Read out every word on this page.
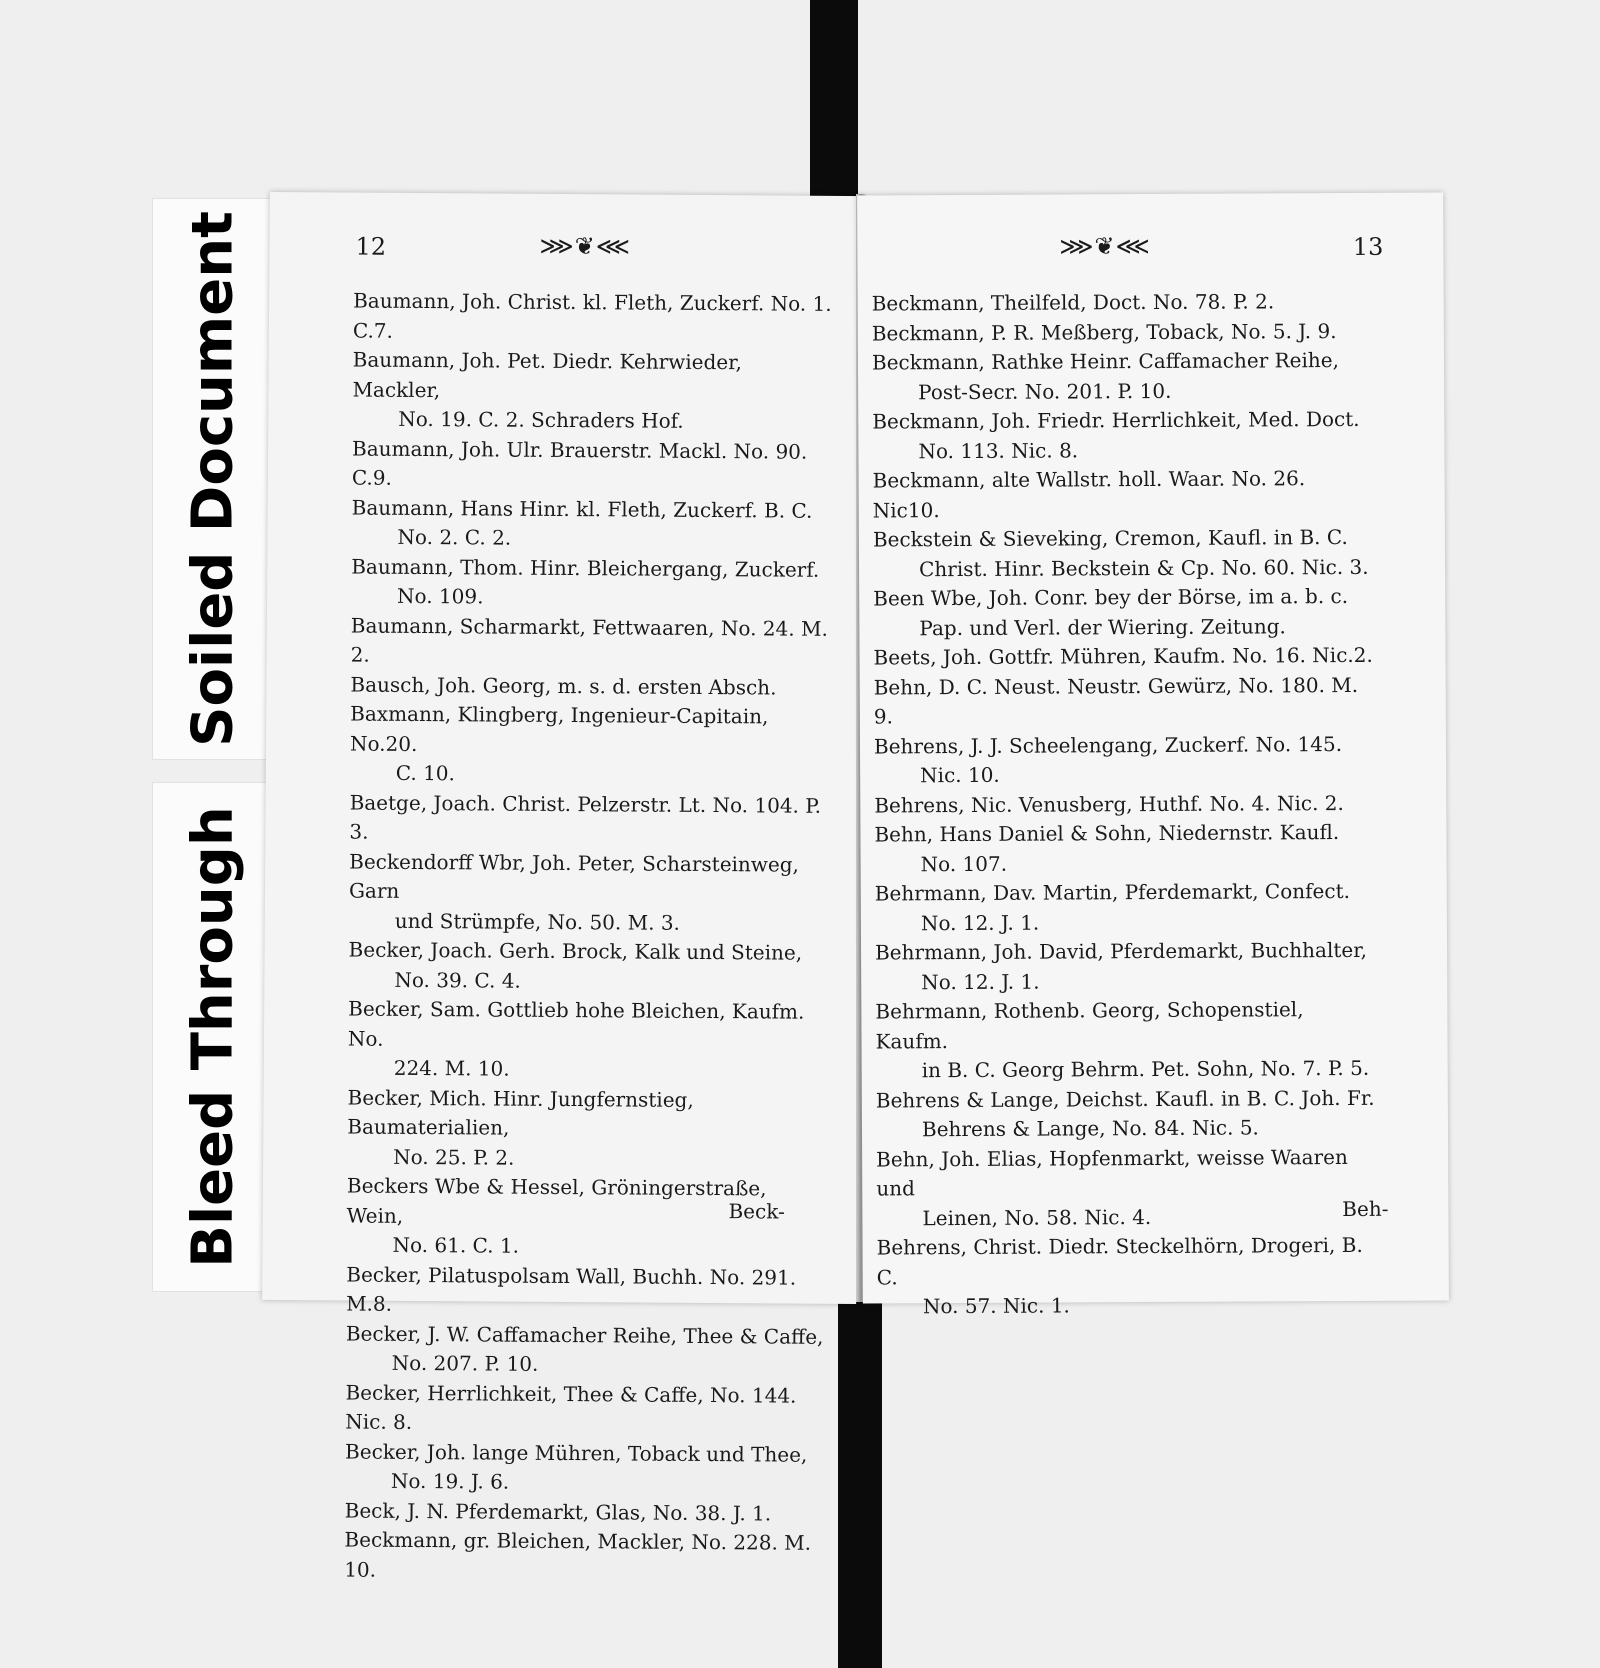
Soiled Document
Bleed Through
12	⋙❦⋘

Baumann, Joh. Christ. kl. Fleth, Zuckerf. No. 1. C.7.

Baumann, Joh. Pet. Diedr. Kehrwieder, Mackler,
No. 19. C. 2. Schraders Hof.

Baumann, Joh. Ulr. Brauerstr. Mackl. No. 90. C.9.

Baumann, Hans Hinr. kl. Fleth, Zuckerf. B. C.
No. 2. C. 2.

Baumann, Thom. Hinr. Bleichergang, Zuckerf.
No. 109.

Baumann, Scharmarkt, Fettwaaren, No. 24. M. 2.

Bausch, Joh. Georg, m. s. d. ersten Absch.

Baxmann, Klingberg, Ingenieur-Capitain, No.20.
C. 10.

Baetge, Joach. Christ. Pelzerstr. Lt. No. 104. P. 3.

Beckendorff Wbr, Joh. Peter, Scharsteinweg, Garn
und Strümpfe, No. 50. M. 3.

Becker, Joach. Gerh. Brock, Kalk und Steine,
No. 39. C. 4.

Becker, Sam. Gottlieb hohe Bleichen, Kaufm. No.
224. M. 10.

Becker, Mich. Hinr. Jungfernstieg, Baumaterialien,
No. 25. P. 2.

Beckers Wbe & Hessel, Gröningerstraße, Wein,
No. 61. C. 1.

Becker, Pilatuspolsam Wall, Buchh. No. 291. M.8.

Becker, J. W. Caffamacher Reihe, Thee & Caffe,
No. 207. P. 10.

Becker, Herrlichkeit, Thee & Caffe, No. 144. Nic. 8.

Becker, Joh. lange Mühren, Toback und Thee,
No. 19. J. 6.

Beck, J. N. Pferdemarkt, Glas, No. 38. J. 1.

Beckmann, gr. Bleichen, Mackler, No. 228. M. 10.

Beck-
⋙❦⋘	13

Beckmann, Theilfeld, Doct. No. 78. P. 2.

Beckmann, P. R. Meßberg, Toback, No. 5. J. 9.

Beckmann, Rathke Heinr. Caffamacher Reihe,
Post-Secr. No. 201. P. 10.

Beckmann, Joh. Friedr. Herrlichkeit, Med. Doct.
No. 113. Nic. 8.

Beckmann, alte Wallstr. holl. Waar. No. 26. Nic10.

Beckstein & Sieveking, Cremon, Kaufl. in B. C.
Christ. Hinr. Beckstein & Cp. No. 60. Nic. 3.

Been Wbe, Joh. Conr. bey der Börse, im a. b. c.
Pap. und Verl. der Wiering. Zeitung.

Beets, Joh. Gottfr. Mühren, Kaufm. No. 16. Nic.2.

Behn, D. C. Neust. Neustr. Gewürz, No. 180. M. 9.

Behrens, J. J. Scheelengang, Zuckerf. No. 145.
Nic. 10.

Behrens, Nic. Venusberg, Huthf. No. 4. Nic. 2.

Behn, Hans Daniel & Sohn, Niedernstr. Kaufl.
No. 107.

Behrmann, Dav. Martin, Pferdemarkt, Confect.
No. 12. J. 1.

Behrmann, Joh. David, Pferdemarkt, Buchhalter,
No. 12. J. 1.

Behrmann, Rothenb. Georg, Schopenstiel, Kaufm.
in B. C. Georg Behrm. Pet. Sohn, No. 7. P. 5.

Behrens & Lange, Deichst. Kaufl. in B. C. Joh. Fr.
Behrens & Lange, No. 84. Nic. 5.

Behn, Joh. Elias, Hopfenmarkt, weisse Waaren und
Leinen, No. 58. Nic. 4.

Behrens, Christ. Diedr. Steckelhörn, Drogeri, B. C.
No. 57. Nic. 1.

Beh-
